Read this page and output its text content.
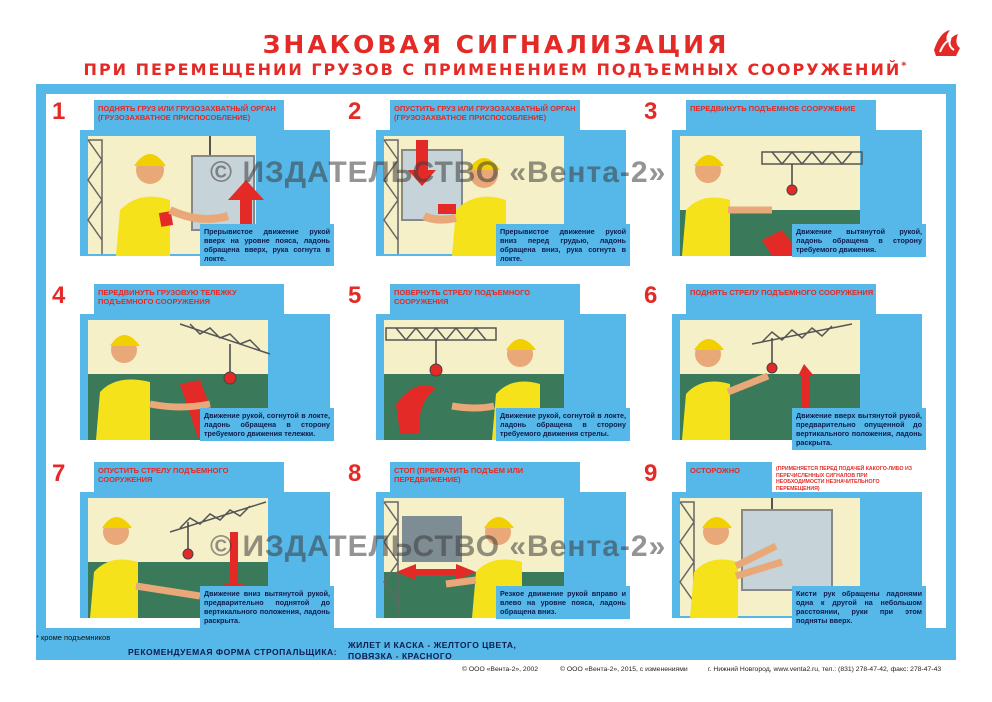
ЗНАКОВАЯ СИГНАЛИЗАЦИЯ
ПРИ ПЕРЕМЕЩЕНИИ ГРУЗОВ С ПРИМЕНЕНИЕМ ПОДЪЕМНЫХ СООРУЖЕНИЙ*
1	ПОДНЯТЬ ГРУЗ ИЛИ ГРУЗОЗАХВАТНЫЙ ОРГАН (ГРУЗОЗАХВАТНОЕ ПРИСПОСОБЛЕНИЕ)
Прерывистое движение рукой вверх на уровне пояса, ладонь обращена вверх, рука согнута в локте.
2	ОПУСТИТЬ ГРУЗ ИЛИ ГРУЗОЗАХВАТНЫЙ ОРГАН (ГРУЗОЗАХВАТНОЕ ПРИСПОСОБЛЕНИЕ)
Прерывистое движение рукой вниз перед грудью, ладонь обращена вниз, рука согнута в локте.
3	ПЕРЕДВИНУТЬ ПОДЪЕМНОЕ СООРУЖЕНИЕ
Движение вытянутой рукой, ладонь обращена в сторону требуемого движения.
4	ПЕРЕДВИНУТЬ ГРУЗОВУЮ ТЕЛЕЖКУ ПОДЪЕМНОГО СООРУЖЕНИЯ
Движение рукой, согнутой в локте, ладонь обращена в сторону требуемого движения тележки.
5	ПОВЕРНУТЬ СТРЕЛУ ПОДЪЕМНОГО СООРУЖЕНИЯ
Движение рукой, согнутой в локте, ладонь обращена в сторону требуемого движения стрелы.
6	ПОДНЯТЬ СТРЕЛУ ПОДЪЕМНОГО СООРУЖЕНИЯ
Движение вверх вытянутой рукой, предварительно опущенной до вертикального положения, ладонь раскрыта.
7	ОПУСТИТЬ СТРЕЛУ ПОДЪЕМНОГО СООРУЖЕНИЯ
Движение вниз вытянутой рукой, предварительно поднятой до вертикального положения, ладонь раскрыта.
8	СТОП (ПРЕКРАТИТЬ ПОДЪЕМ ИЛИ ПЕРЕДВИЖЕНИЕ)
Резкое движение рукой вправо и влево на уровне пояса, ладонь обращена вниз.
9	ОСТОРОЖНО	(ПРИМЕНЯЕТСЯ ПЕРЕД ПОДАЧЕЙ КАКОГО-ЛИБО ИЗ ПЕРЕЧИСЛЕННЫХ СИГНАЛОВ ПРИ НЕОБХОДИМОСТИ НЕЗНАЧИТЕЛЬНОГО ПЕРЕМЕЩЕНИЯ)
Кисти рук обращены ладонями одна к другой на небольшом расстоянии, руки при этом подняты вверх.
© ИЗДАТЕЛЬСТВО «Вента-2»
© ИЗДАТЕЛЬСТВО «Вента-2»
* кроме подъемников
РЕКОМЕНДУЕМАЯ ФОРМА СТРОПАЛЬЩИКА:
ЖИЛЕТ И КАСКА - ЖЕЛТОГО ЦВЕТА,
ПОВЯЗКА - КРАСНОГО
© ООО «Вента-2», 2002	© ООО «Вента-2», 2015, с изменениями	г. Нижний Новгород, www.venta2.ru, тел.: (831) 278-47-42, факс: 278-47-43
